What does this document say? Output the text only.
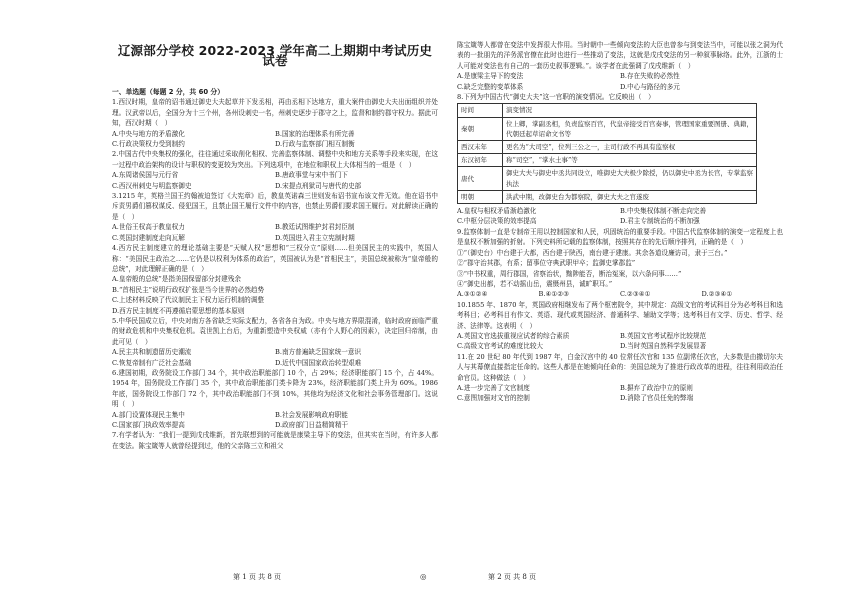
辽源部分学校 2022-2023 学年高二上期期中考试历史试卷
一、单选题（每题 2 分，共 60 分）

1.西汉时期，皇帝的诏书通过御史大夫起草并下发丞相，再由丞相下达地方，重大案件由御史大夫出面组织并处理。汉武帝以后，全国分为十三个州，各州设刺史一名，州刺史逐步于郡守之上，监督和制约郡守权力。据此可知，西汉时期（　）

A.中央与地方的矛盾激化	B.国家的治理体系有所完善
C.行政决策权力受到制约	D.行政与监察部门相互制衡

2.中国古代中央集权的强化，往往通过采取削化相权、完善监察体制、调整中央和地方关系等手段来实现，在这一过程中政治架构的设计与职权的变更较为突出。下列选项中，在地位和职权上大体相当的一组是（　）

A.东周诸侯国与元行省	B.唐政事堂与宋中书门下
C.西汉州刺史与明监察御史	D.宋提点刑狱司与唐代的史部

3.1215 年，英格兰国王约翰被迫签订《大宪章》后，教皇英诺森三世则发布诏书宣布该文件无效。他在诏书中斥责男爵们篡权谋反、侵犯国王，且禁止国王履行文件中的内容，也禁止男爵们要求国王履行。对此解读正确的是（　）

A.世俗王权高于教皇权力	B.教廷试图维护封君封臣制
C.英国封建制度走向瓦解	D.英国进入君主立宪制时期

4.西方民主制度建立的理论基础主要是“天赋人权”思想和“三权分立”原则……但美国民主的实践中，英国人称：“美国民主政治之……它仍是以权利为体系的政治”，英国被认为是“首相民主”，美国总统被称为“皇帝般的总统”，对此理解正确的是（　）

A.皇帝般的总统”是指美国保留部分封建残余
B.“首相民主”说明行政权扩张是当今世界的必然趋势
C.上述材料反映了代议制民主下权力运行机制的调整
D.西方民主制度不再遵循启蒙思想的基本原则

5.中华民国成立后，中央对南方各省缺乏实际支配力，各省各自为政。中央与地方界限混淆，临时政府面临严重的财政危机和中央集权危机。袁世凯上台后，为重新塑造中央权威（亦有个人野心的因素），决定回归帝制，由此可见（　）

A.民主共和制遗留历史潮流	B.南方普遍缺乏国家统一意识
C.恢复帝制有广泛社会基础	D.近代中国国家政治转型艰难

6.建国初期，政务院设工作部门 34 个，其中政治职能部门 10 个，占 29%；经济职能部门 15 个，占 44%。1954 年，国务院设工作部门 35 个，其中政治职能部门类卡降为 23%，经济职能部门类上升为 60%。1986 年底，国务院设工作部门 72 个，其中政治职能部门不到 10%，其他均为经济文化和社会事务管理部门。这说明（　）

A.部门设置体现民主集中	B.社会发展影响政府职能
C.国家部门执政效率提高	D.政府部门日益精简精干

7.有学者认为：“我们一提到戊戌维新，首先联想到的可能就是康梁主导下的变法，但其实在当时，有许多人都在变法。陈宝箴等人就曾经提到过，他的父亲陈三立和祖父

陈宝箴等人都曾在变法中发挥很大作用。当时朝中一些倾向变法的大臣也曾参与到变法当中，可能以张之洞为代表的一批朋先的洋务派官僚在此时也进行一些推动了变法，这就是戊戌变法的另一种叙事脉络。此外，江浙的士人可能对变法也有自己的一套历史叙事逻辑。”。该学者在此强调了戊戌维新（　）

A.是康梁主导下的变法	B.存在失败的必然性
C.缺乏完整的变革体系	D.中心与路径的多元

8.下列为中国古代“御史大夫”这一官职的演变情况。它反映出（　）

时间	演变情况
秦朝	位上卿，掌副丞相，负责监察百官，代皇帝接受百官奏事，管理国家重要图册、典籍，代朝廷起草诏命文书等
西汉末年	更名为“大司空”，位列三公之一，主司行政不再具有监察权
东汉初年	称“司空”，“掌水土事”等
唐代	御史大夫与御史中丞共同设立，唯御史大夫极少除授，仍以御史中丞为长官，专掌监察执法
明朝	洪武中期，改御史台为都察院，御史大夫之官遂废
A.皇权与相权矛盾渐趋激化	B.中央集权体制不断走向完善
C.中枢分层决策的效率提高	D.君主专制统治的不断加强

9.监察体制一直是专制帝王用以控制国家和人民，巩固统治的重要手段。中国古代监察体制的演变一定程度上也是皇权不断加强的折射。下列史料所记载的监察体制，按照其存在的先后顺序排列，正确的是（　）

①“（御史台）中台建于大都，西台建于陕西，南台建于建康。其余各道设廉访司，隶于三台。”

②“郡守治其郡，有系；留事位守典武职甲卒；监御史掌郡监”

③“中书权重，周行郡国，省察治状，黜陟能否，断治冤案，以六条问事……”

④“御史出都，若不动摇山岳，震慑州县，诚旷职耳。”

A.③①②④	B.④①②③	C.②③④①	D.②③④①

10.1855 年、1870 年，英国政府相继发布了两个枢密院令，其中规定：高级文官的考试科目分为必考科目和选考科目；必考科目有作文、英语、现代或英国经济、普通科学、辅助文学等；选考科目有文学、历史、哲学、经济、法律等。这表明（　）

A.英国文官选拔重视应试者的综合素质	B.英国文官考试程序比较规范
C.高级文官考试的难度比较大	D.当时英国自然科学发展显著

11.在 20 世纪 80 年代到 1987 年，白金汉宫中的 40 位常任次官和 135 位副常任次官，大多数是由撒切尔夫人与其幕僚直接指定任命的。这些人都是在她倾向任命的：美国总统为了推进行政改革的进程，往往利用政治任命官员。这种做法（　）

A.进一步完善了文官制度	B.摒弃了政治中立的原则
C.意图加强对文官的控制	D.消除了官员任免的弊端
第 1 页 共 8 页	◎	第 2 页 共 8 页
